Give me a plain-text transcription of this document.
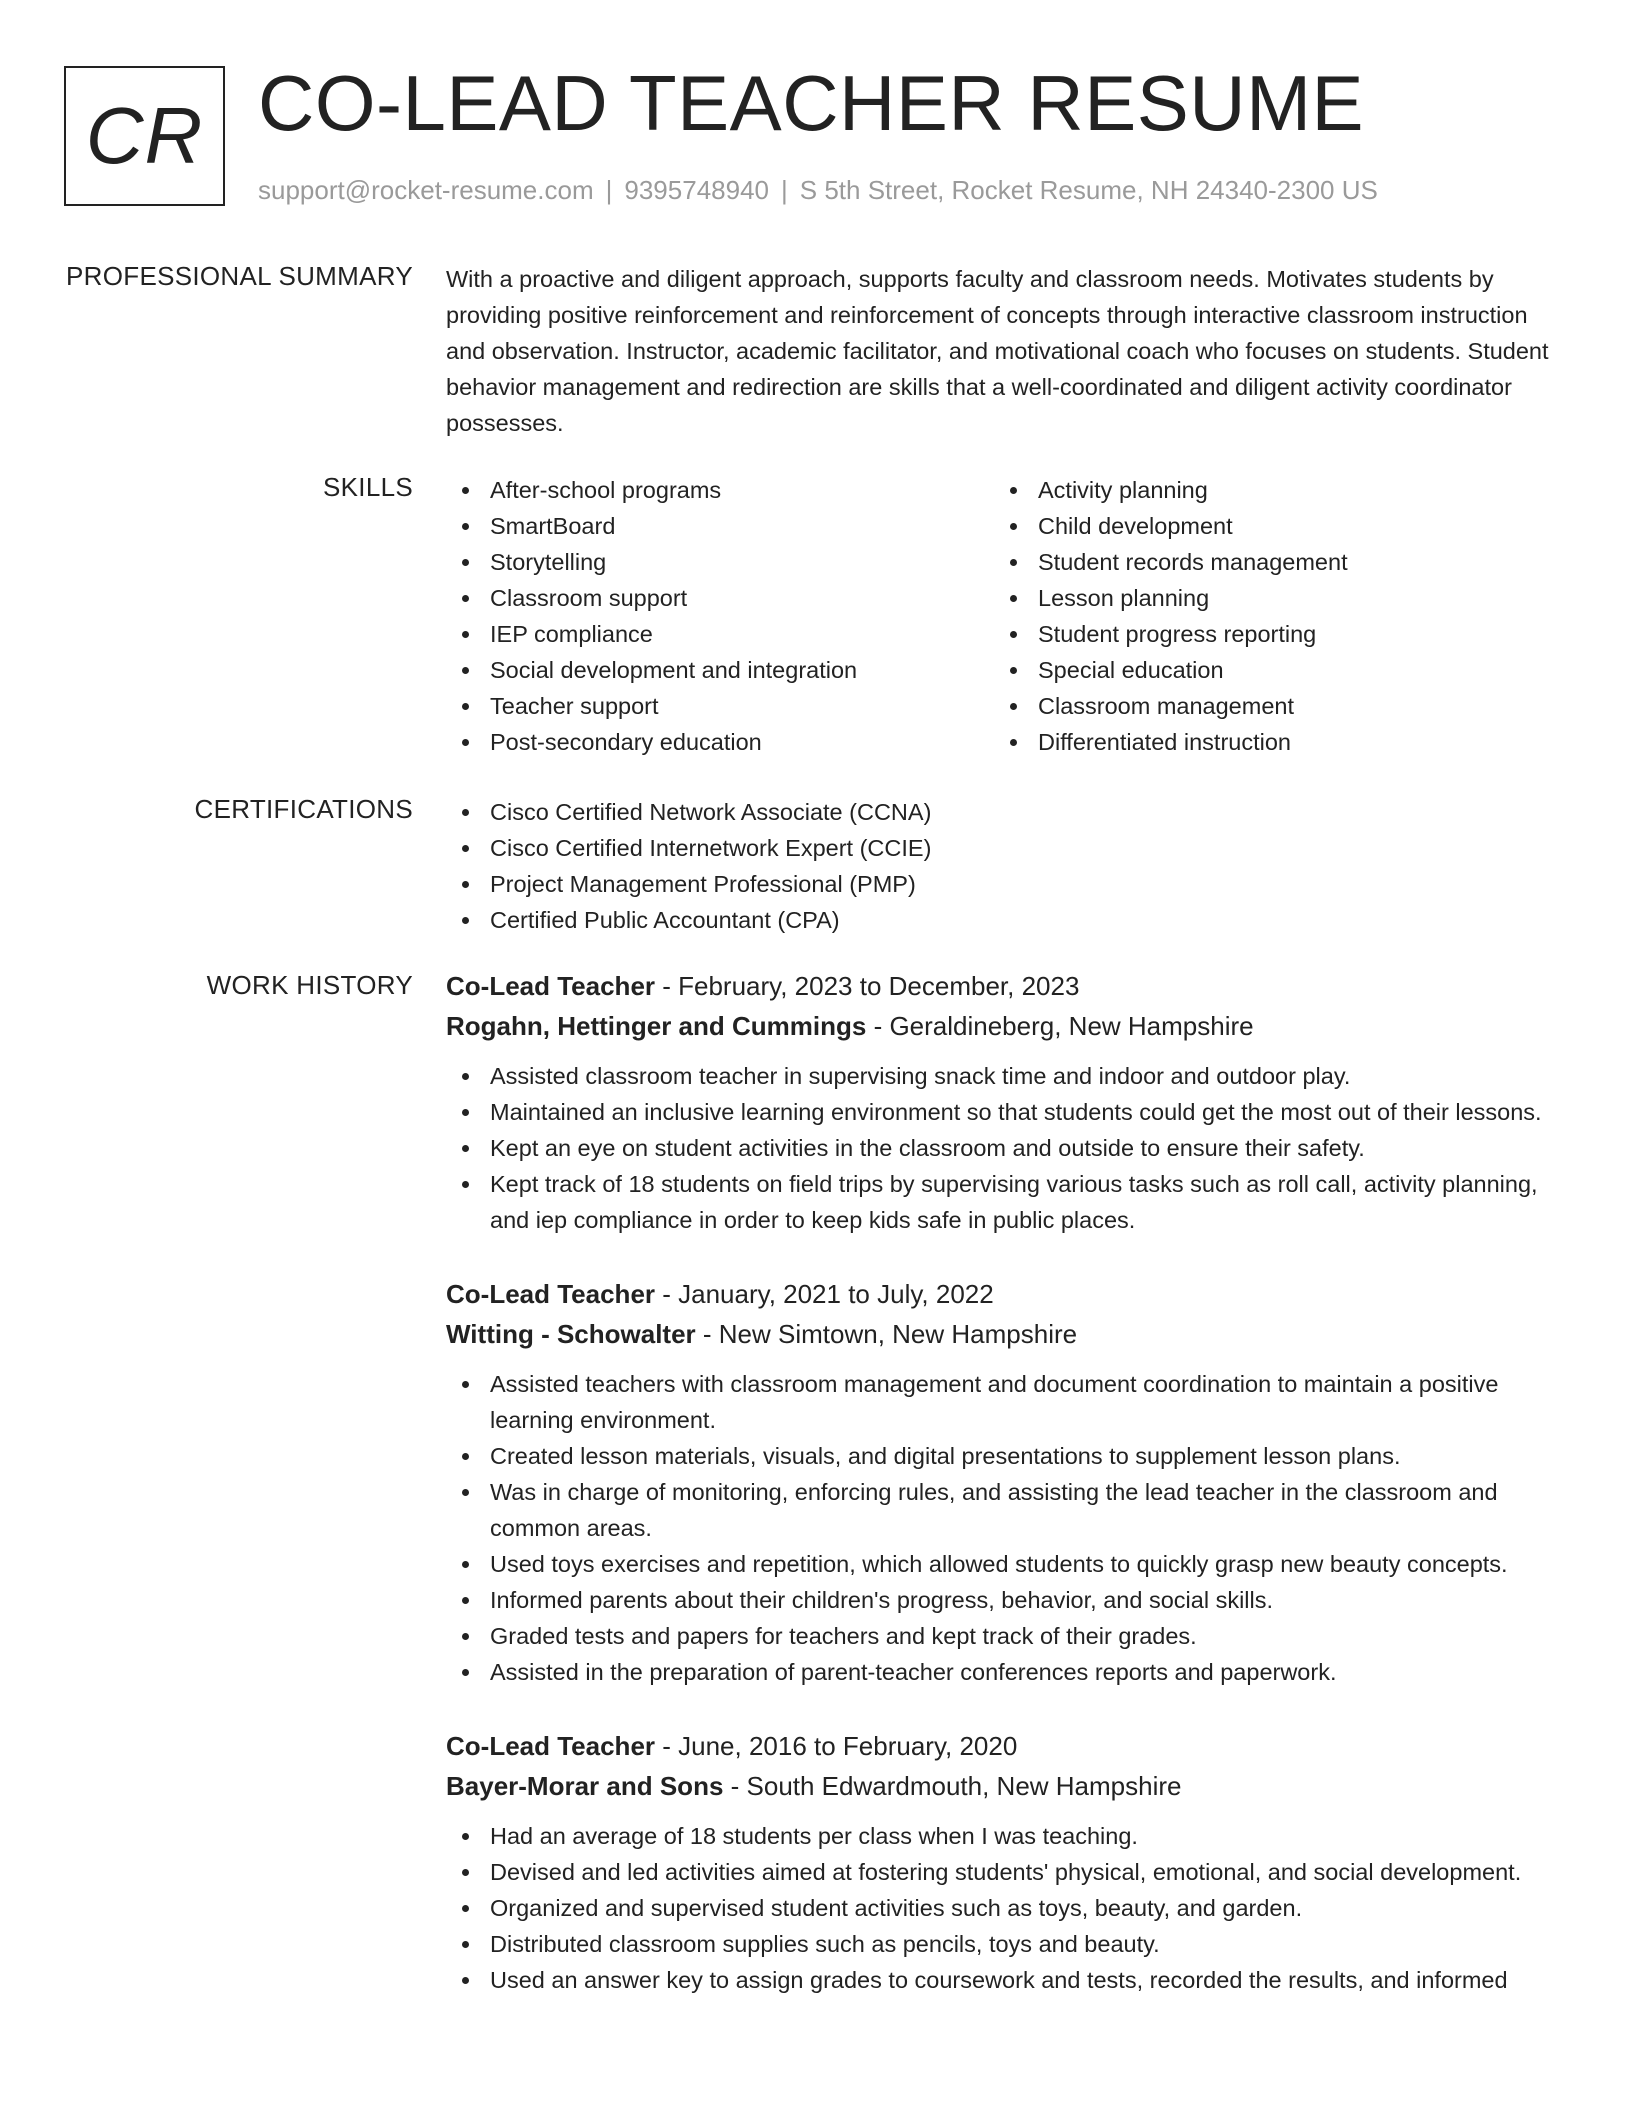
CR CO-LEAD TEACHER RESUME
support@rocket-resume.com | 9395748940 | S 5th Street, Rocket Resume, NH 24340-2300 US
PROFESSIONAL SUMMARY With a proactive and diligent approach, supports faculty and classroom needs. Motivates students by providing positive reinforcement and reinforcement of concepts through interactive classroom instruction and observation. Instructor, academic facilitator, and motivational coach who focuses on students. Student behavior management and redirection are skills that a well-coordinated and diligent activity coordinator possesses.

SKILLS	After-school programs
SmartBoard
Storytelling
Classroom support
IEP compliance
Social development and integration
Teacher support
Post-secondary education
Activity planning
Child development
Student records management
Lesson planning
Student progress reporting
Special education
Classroom management
Differentiated instruction
CERTIFICATIONS	Cisco Certified Network Associate (CCNA)
Cisco Certified Internetwork Expert (CCIE)
Project Management Professional (PMP)
Certified Public Accountant (CPA)
WORK HISTORY Co-Lead Teacher - February, 2023 to December, 2023
Rogahn, Hettinger and Cummings - Geraldineberg, New Hampshire
Assisted classroom teacher in supervising snack time and indoor and outdoor play.
Maintained an inclusive learning environment so that students could get the most out of their lessons.
Kept an eye on student activities in the classroom and outside to ensure their safety.
Kept track of 18 students on field trips by supervising various tasks such as roll call, activity planning, and iep compliance in order to keep kids safe in public places.
Co-Lead Teacher - January, 2021 to July, 2022
Witting - Schowalter - New Simtown, New Hampshire
Assisted teachers with classroom management and document coordination to maintain a positive learning environment.
Created lesson materials, visuals, and digital presentations to supplement lesson plans.
Was in charge of monitoring, enforcing rules, and assisting the lead teacher in the classroom and common areas.
Used toys exercises and repetition, which allowed students to quickly grasp new beauty concepts.
Informed parents about their children's progress, behavior, and social skills.
Graded tests and papers for teachers and kept track of their grades.
Assisted in the preparation of parent-teacher conferences reports and paperwork.
Co-Lead Teacher - June, 2016 to February, 2020
Bayer-Morar and Sons - South Edwardmouth, New Hampshire
Had an average of 18 students per class when I was teaching.
Devised and led activities aimed at fostering students' physical, emotional, and social development.
Organized and supervised student activities such as toys, beauty, and garden.
Distributed classroom supplies such as pencils, toys and beauty.
Used an answer key to assign grades to coursework and tests, recorded the results, and informed
